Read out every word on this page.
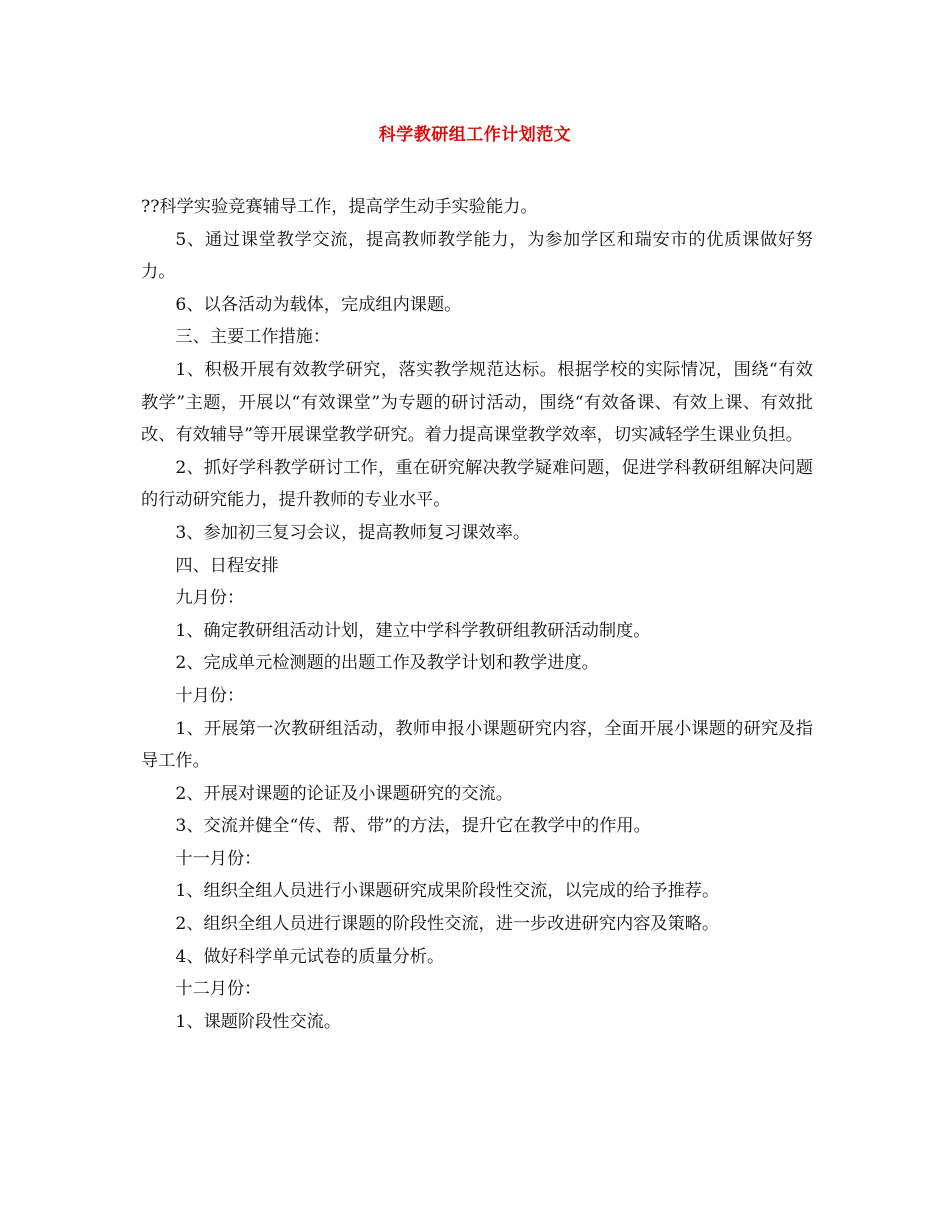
科学教研组工作计划范文

??科学实验竞赛辅导工作，提高学生动手实验能力。

5、通过课堂教学交流，提高教师教学能力，为参加学区和瑞安市的优质课做好努力。

6、以各活动为载体，完成组内课题。

三、主要工作措施：

1、积极开展有效教学研究，落实教学规范达标。根据学校的实际情况，围绕“有效教学”主题，开展以“有效课堂”为专题的研讨活动，围绕“有效备课、有效上课、有效批改、有效辅导”等开展课堂教学研究。着力提高课堂教学效率，切实减轻学生课业负担。

2、抓好学科教学研讨工作，重在研究解决教学疑难问题，促进学科教研组解决问题的行动研究能力，提升教师的专业水平。

3、参加初三复习会议，提高教师复习课效率。

四、日程安排

九月份：

1、确定教研组活动计划，建立中学科学教研组教研活动制度。

2、完成单元检测题的出题工作及教学计划和教学进度。

十月份：

1、开展第一次教研组活动，教师申报小课题研究内容，全面开展小课题的研究及指导工作。

2、开展对课题的论证及小课题研究的交流。

3、交流并健全“传、帮、带”的方法，提升它在教学中的作用。

十一月份：

1、组织全组人员进行小课题研究成果阶段性交流，以完成的给予推荐。

2、组织全组人员进行课题的阶段性交流，进一步改进研究内容及策略。

4、做好科学单元试卷的质量分析。

十二月份：

1、课题阶段性交流。
